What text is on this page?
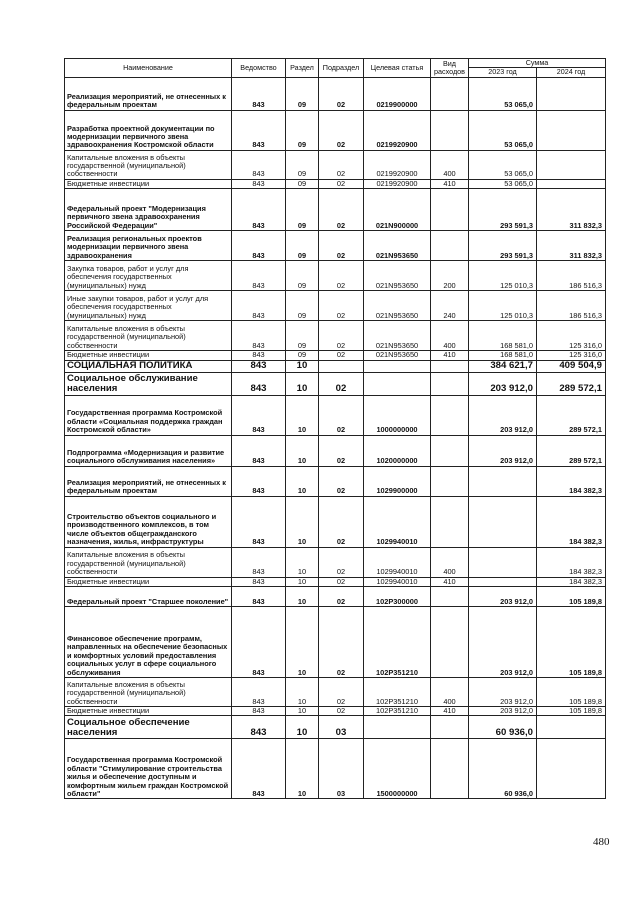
Наименование	Ведомство	Раздел	Подраздел	Целевая статья	Вид расходов	Сумма	
						2023 год	2024 год
Реализация мероприятий, не отнесенных к федеральным проектам	843	09	02	0219900000		53 065,0	
Разработка проектной документации по модернизации первичного звена здравоохранения Костромской области	843	09	02	0219920900		53 065,0	
Капитальные вложения в объекты государственной (муниципальной) собственности	843	09	02	0219920900	400	53 065,0	
Бюджетные инвестиции	843	09	02	0219920900	410	53 065,0	
Федеральный проект "Модернизация первичного звена здравоохранения Российской Федерации"	843	09	02	021N900000		293 591,3	311 832,3
Реализация региональных проектов модернизации первичного звена здравоохранения	843	09	02	021N953650		293 591,3	311 832,3
Закупка товаров, работ и услуг для обеспечения государственных (муниципальных) нужд	843	09	02	021N953650	200	125 010,3	186 516,3
Иные закупки товаров, работ и услуг для обеспечения государственных (муниципальных) нужд	843	09	02	021N953650	240	125 010,3	186 516,3
Капитальные вложения в объекты государственной (муниципальной) собственности	843	09	02	021N953650	400	168 581,0	125 316,0
Бюджетные инвестиции	843	09	02	021N953650	410	168 581,0	125 316,0
СОЦИАЛЬНАЯ ПОЛИТИКА	843	10				384 621,7	409 504,9
Социальное обслуживание населения	843	10	02			203 912,0	289 572,1
Государственная программа Костромской области «Социальная поддержка граждан Костромской области»	843	10	02	1000000000		203 912,0	289 572,1
Подпрограмма «Модернизация и развитие социального обслуживания населения»	843	10	02	1020000000		203 912,0	289 572,1
Реализация мероприятий, не отнесенных к федеральным проектам	843	10	02	1029900000			184 382,3
Строительство объектов социального и производственного комплексов, в том числе объектов общегражданского назначения, жилья, инфраструктуры	843	10	02	1029940010			184 382,3
Капитальные вложения в объекты государственной (муниципальной) собственности	843	10	02	1029940010	400		184 382,3
Бюджетные инвестиции	843	10	02	1029940010	410		184 382,3
Федеральный проект "Старшее поколение"	843	10	02	102P300000		203 912,0	105 189,8
Финансовое обеспечение программ, направленных на обеспечение безопасных и комфортных условий предоставления социальных услуг в сфере социального обслуживания	843	10	02	102P351210		203 912,0	105 189,8
Капитальные вложения в объекты государственной (муниципальной) собственности	843	10	02	102P351210	400	203 912,0	105 189,8
Бюджетные инвестиции	843	10	02	102P351210	410	203 912,0	105 189,8
Социальное обеспечение населения	843	10	03			60 936,0	
Государственная программа Костромской области "Стимулирование строительства жилья и обеспечение доступным и комфортным жильем граждан Костромской области"	843	10	03	1500000000		60 936,0	
480
